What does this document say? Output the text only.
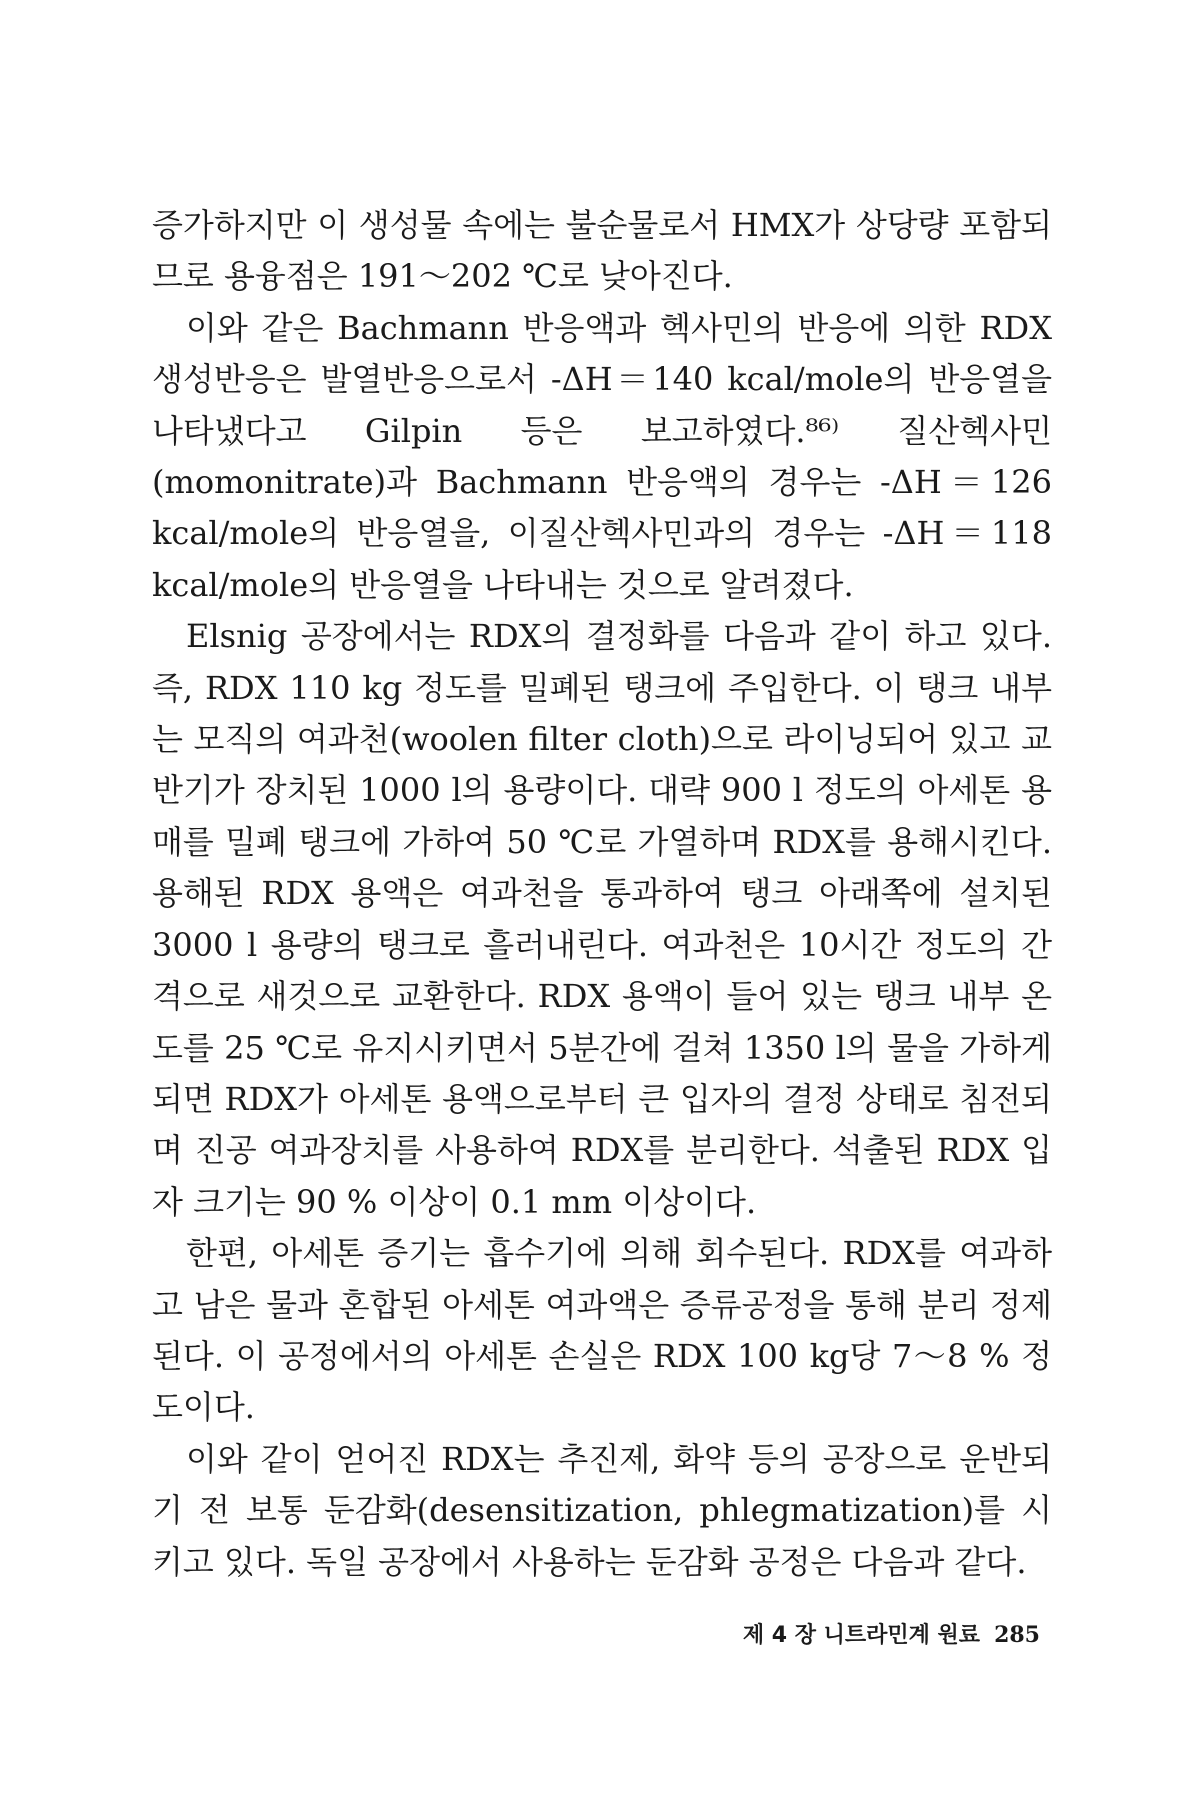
증가하지만 이 생성물 속에는 불순물로서 HMX가 상당량 포함되므로 용융점은 191～202 ℃로 낮아진다.

이와 같은 Bachmann 반응액과 헥사민의 반응에 의한 RDX 생성반응은 발열반응으로서 -ΔH＝140 kcal/mole의 반응열을 나타냈다고 Gilpin 등은 보고하였다.⁸⁶⁾ 질산헥사민(momonitrate)과 Bachmann 반응액의 경우는 -ΔH＝126 kcal/mole의 반응열을, 이질산헥사민과의 경우는 -ΔH＝118 kcal/mole의 반응열을 나타내는 것으로 알려졌다.

Elsnig 공장에서는 RDX의 결정화를 다음과 같이 하고 있다. 즉, RDX 110 kg 정도를 밀폐된 탱크에 주입한다. 이 탱크 내부는 모직의 여과천(woolen filter cloth)으로 라이닝되어 있고 교반기가 장치된 1000 l의 용량이다. 대략 900 l 정도의 아세톤 용매를 밀폐 탱크에 가하여 50 ℃로 가열하며 RDX를 용해시킨다. 용해된 RDX 용액은 여과천을 통과하여 탱크 아래쪽에 설치된 3000 l 용량의 탱크로 흘러내린다. 여과천은 10시간 정도의 간격으로 새것으로 교환한다. RDX 용액이 들어 있는 탱크 내부 온도를 25 ℃로 유지시키면서 5분간에 걸쳐 1350 l의 물을 가하게 되면 RDX가 아세톤 용액으로부터 큰 입자의 결정 상태로 침전되며 진공 여과장치를 사용하여 RDX를 분리한다. 석출된 RDX 입자 크기는 90 % 이상이 0.1 mm 이상이다.

한편, 아세톤 증기는 흡수기에 의해 회수된다. RDX를 여과하고 남은 물과 혼합된 아세톤 여과액은 증류공정을 통해 분리 정제된다. 이 공정에서의 아세톤 손실은 RDX 100 kg당 7～8 % 정도이다.

이와 같이 얻어진 RDX는 추진제, 화약 등의 공장으로 운반되기 전 보통 둔감화(desensitization, phlegmatization)를 시키고 있다. 독일 공장에서 사용하는 둔감화 공정은 다음과 같다.

제 4 장 니트라민계 원료 285
